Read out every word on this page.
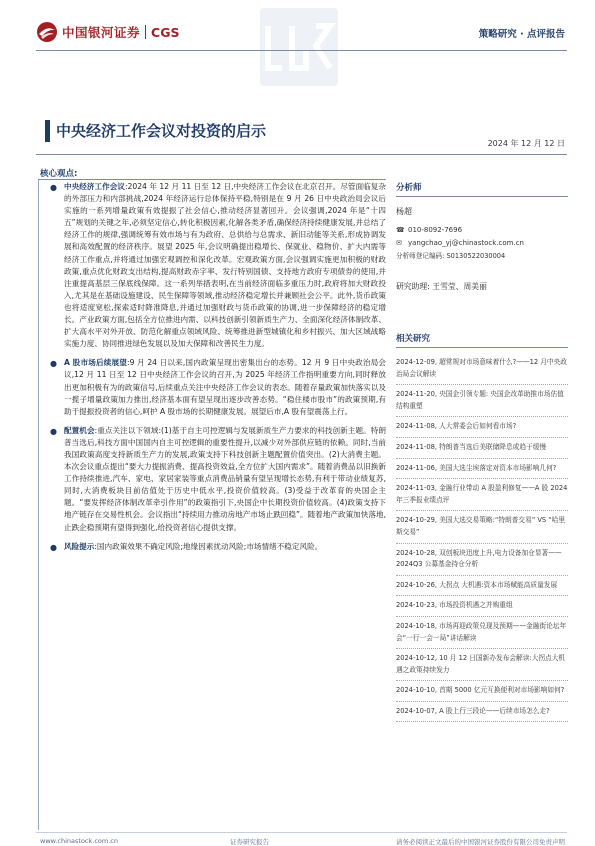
中国银河证券 CGS	策略研究 · 点评报告
中央经济工作会议对投资的启示
2024 年 12 月 12 日
核心观点:
● 中央经济工作会议:2024 年 12 月 11 日至 12 日,中央经济工作会议在北京召开。尽管面临复杂的外部压力和内部挑战,2024 年经济运行总体保持平稳,特别是在 9 月 26 日中央政治局会议后实施的一系列增量政策有效提振了社会信心,推动经济显著回升。会议强调,2024 年是“十四五”规划的关键之年,必须坚定信心,转化积极因素,化解各类矛盾,确保经济持续健康发展,并总结了经济工作的规律,强调统筹有效市场与有为政府、总供给与总需求、新旧动能等关系,形成协调发展和高效配置的经济秩序。展望 2025 年,会议明确提出稳增长、保就业、稳物价、扩大内需等经济工作重点,并将通过加强宏观调控和深化改革。宏观政策方面,会议强调实施更加积极的财政政策,重点优化财政支出结构,提高财政赤字率、发行特别国债、支持地方政府专项债券的使用,并注重提高基层三保底线保障。这一系列举措表明,在当前经济面临多重压力时,政府将加大财政投入,尤其是在基础设施建设、民生保障等领域,推动经济稳定增长并兼顾社会公平。此外,货币政策也将适度宽松,探索适时降准降息,并通过加强财政与货币政策的协调,进一步保障经济的稳定增长。产业政策方面,包括全方位推进内需、以科技创新引领新质生产力、全面深化经济体制改革、扩大高水平对外开放、防范化解重点领域风险、统筹推进新型城镇化和乡村振兴、加大区域战略实施力度、协同推进绿色发展以及加大保障和改善民生力度。
● A 股市场后续展望:9 月 24 日以来,国内政策呈现出密集出台的态势。12 月 9 日中央政治局会议,12 月 11 日至 12 日中央经济工作会议的召开,为 2025 年经济工作指明重要方向,同时释放出更加积极有为的政策信号,后续重点关注中央经济工作会议的表态。随着存量政策加快落实以及一揽子增量政策加力推出,经济基本面有望呈现出逐步改善态势。“稳住楼市股市”的政策预期,有助于提振投资者的信心,呵护 A 股市场的长期健康发展。展望后市,A 股有望震荡上行。
● 配置机会:重点关注以下领域:(1)基于自主可控逻辑与发展新质生产力要求的科技创新主题。特朗普当选后,科技方面中国国内自主可控逻辑的重要性提升,以减少对外部供应链的依赖。同时,当前我国政策高度支持新质生产力的发展,政策支持下科技创新主题配置价值突出。(2)大消费主题。本次会议重点提出“要大力提振消费、提高投资效益,全方位扩大国内需求”。随着消费品以旧换新工作持续推进,汽车、家电、家居家装等重点消费品销量有望呈现增长态势,有利于带动业绩复苏,同时,大消费板块目前估值处于历史中低水平,投资价值较高。(3)受益于改革育的央国企主题。“要发挥经济体制改革牵引作用”的政策指引下,央国企中长期投资价值较高。(4)政策支持下地产链存在交易性机会。会议指出“持续用力推动房地产市场止跌回稳”。随着地产政策加快落地,止跌企稳预期有望得到强化,给投资者信心提供支撑。
● 风险提示:国内政策效果不确定风险;地缘因素扰动风险;市场情绪不稳定风险。
分析师
杨超
☎ 010-8092-7696
✉ yangchao_yj@chinastock.com.cn
分析师登记编码: S0130522030004
研究助理: 王雪莹、周美丽
相关研究
2024-12-09, 超常规对市场意味着什么?——12 月中央政治局会议解读
2024-11-20, 央国企引领专题: 央国企改革助推市场估值结构重塑
2024-11-08, 人大常委会后如何看市场?
2024-11-08, 特朗普当选后美联储降息或趋于缓慢
2024-11-06, 美国大选尘埃落定对资本市场影响几何?
2024-11-03, 金融行业带动 A 股盈利修复——A 股 2024 年三季报业绩点评
2024-10-29, 美国大选交易策略:“特朗普交易” VS “哈里斯交易”
2024-10-28, 双创板块迅度上升,电力设备加仓显著——2024Q3 公募基金持仓分析
2024-10-26, 大拐点 大机遇:资本市场赋能高质量发展
2024-10-23, 市场投资机遇之并购重组
2024-10-18, 市场再迎政策兑现及预期——金融街论坛年会“一行一会一局”讲话解读
2024-10-12, 10 月 12 日国新办发布会解读:大拐点大机遇之政策持续发力
2024-10-10, 首期 5000 亿元互换便利对市场影响如何?
2024-10-07, A 股上行三段论——后续市场怎么走?
www.chinastock.com.cn	证券研究报告	请务必阅读正文最后的中国银河证券股份有限公司免责声明
